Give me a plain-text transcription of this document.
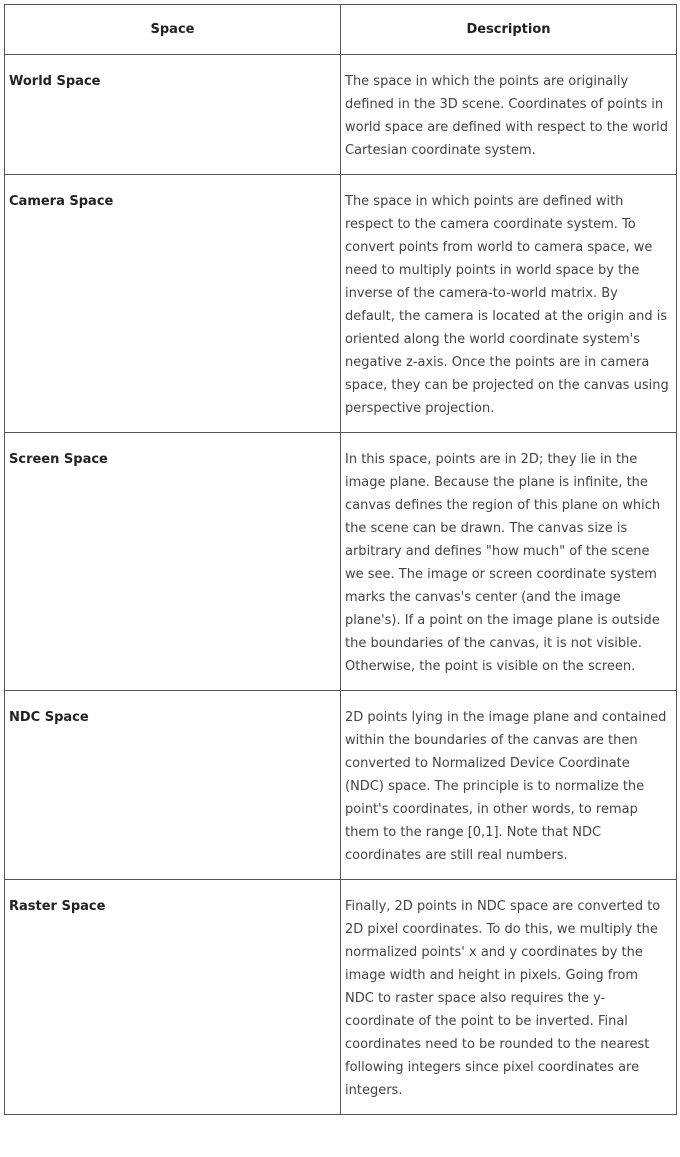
Space	Description
World Space	The space in which the points are originally defined in the 3D scene. Coordinates of points in world space are defined with respect to the world Cartesian coordinate system.
Camera Space	The space in which points are defined with respect to the camera coordinate system. To convert points from world to camera space, we need to multiply points in world space by the inverse of the camera-to-world matrix. By default, the camera is located at the origin and is oriented along the world coordinate system's negative z-axis. Once the points are in camera space, they can be projected on the canvas using perspective projection.
Screen Space	In this space, points are in 2D; they lie in the image plane. Because the plane is infinite, the canvas defines the region of this plane on which the scene can be drawn. The canvas size is arbitrary and defines "how much" of the scene we see. The image or screen coordinate system marks the canvas's center (and the image plane's). If a point on the image plane is outside the boundaries of the canvas, it is not visible. Otherwise, the point is visible on the screen.
NDC Space	2D points lying in the image plane and contained within the boundaries of the canvas are then converted to Normalized Device Coordinate (NDC) space. The principle is to normalize the point's coordinates, in other words, to remap them to the range [0,1]. Note that NDC coordinates are still real numbers.
Raster Space	Finally, 2D points in NDC space are converted to 2D pixel coordinates. To do this, we multiply the normalized points' x and y coordinates by the image width and height in pixels. Going from NDC to raster space also requires the y-coordinate of the point to be inverted. Final coordinates need to be rounded to the nearest following integers since pixel coordinates are integers.
